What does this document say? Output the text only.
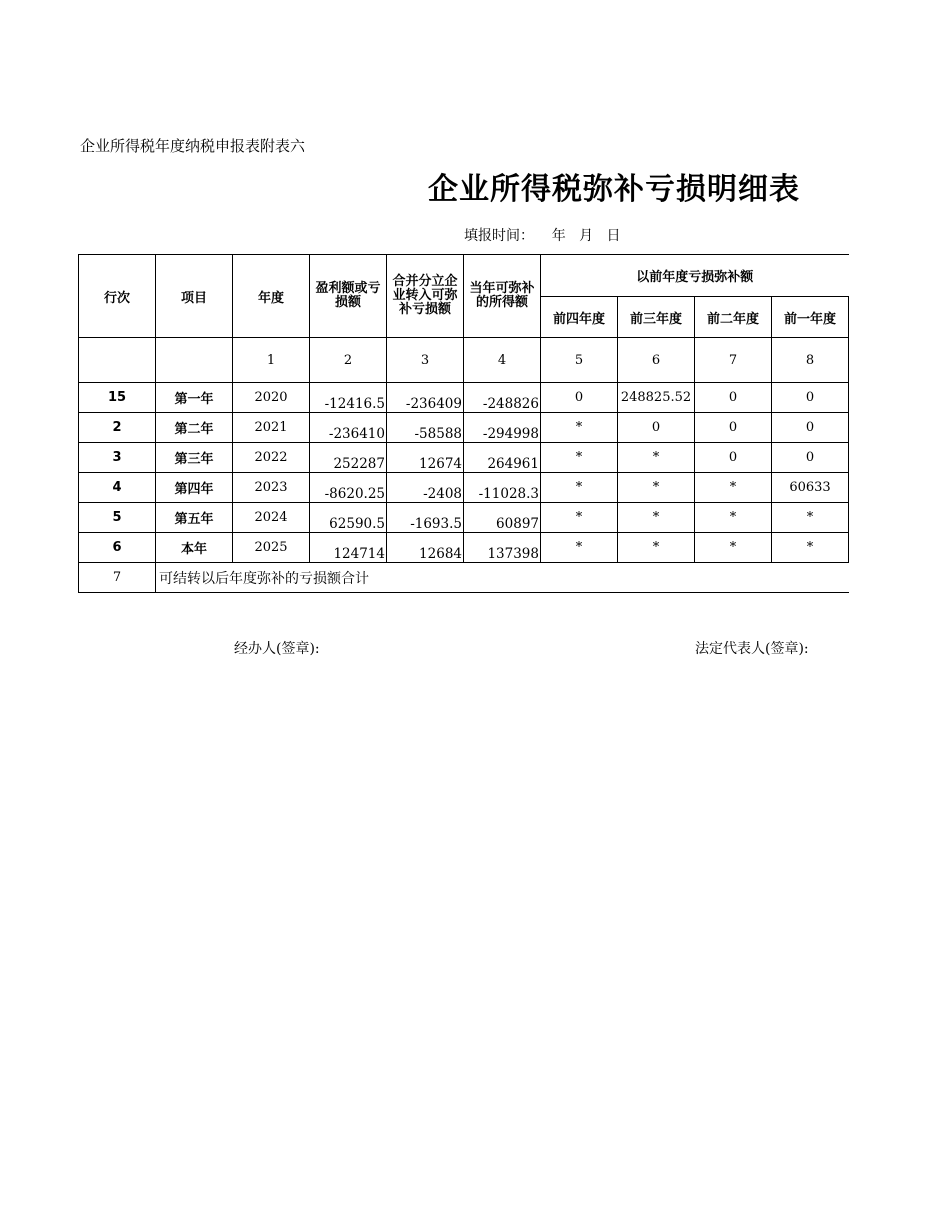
企业所得税年度纳税申报表附表六
企业所得税弥补亏损明细表
填报时间：    年   月   日
行次	项目	年度	盈利额或亏损额	合并分立企业转入可弥补亏损额	当年可弥补的所得额	以前年度亏损弥补额			
						前四年度	前三年度	前二年度	前一年度
		1	2	3	4	5	6	7	8
15	第一年	2020	-12416.5	-236409	-248826	0	248825.52	0	0
2	第二年	2021	-236410	-58588	-294998	*	0	0	0
3	第三年	2022	252287	12674	264961	*	*	0	0
4	第四年	2023	-8620.25	-2408	-11028.3	*	*	*	60633
5	第五年	2024	62590.5	-1693.5	60897	*	*	*	*
6	本年	2025	124714	12684	137398	*	*	*	*
7	可结转以后年度弥补的亏损额合计								
经办人(签章):	法定代表人(签章):
